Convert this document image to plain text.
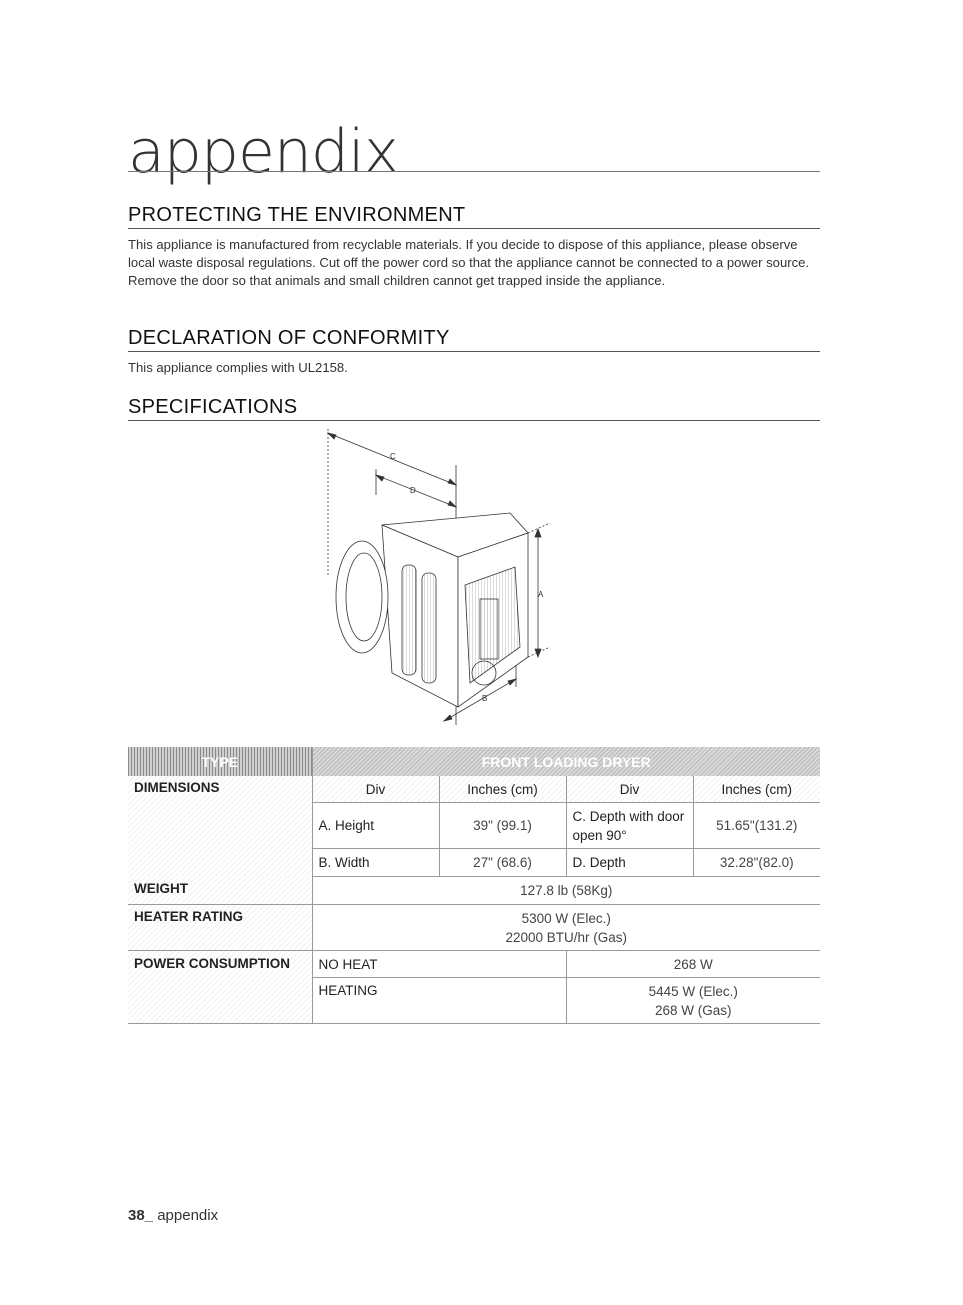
appendix
PROTECTING THE ENVIRONMENT
This appliance is manufactured from recyclable materials. If you decide to dispose of this appliance, please observe local waste disposal regulations. Cut off the power cord so that the appliance cannot be connected to a power source. Remove the door so that animals and small children cannot get trapped inside the appliance.
DECLARATION OF CONFORMITY
This appliance complies with UL2158.
SPECIFICATIONS
C
D
A
B
TYPE	FRONT LOADING DRYER			
DIMENSIONS	Div	Inches (cm)	Div	Inches (cm)
	A. Height	39" (99.1)	C. Depth with door open 90°	51.65"(131.2)
	B. Width	27" (68.6)	D. Depth	32.28"(82.0)
WEIGHT	127.8 lb (58Kg)			
HEATER RATING	5300 W (Elec.)
22000 BTU/hr (Gas)			

POWER CONSUMPTION	NO HEAT		268 W	
	HEATING		5445 W (Elec.)
268 W (Gas)	
38_ appendix
